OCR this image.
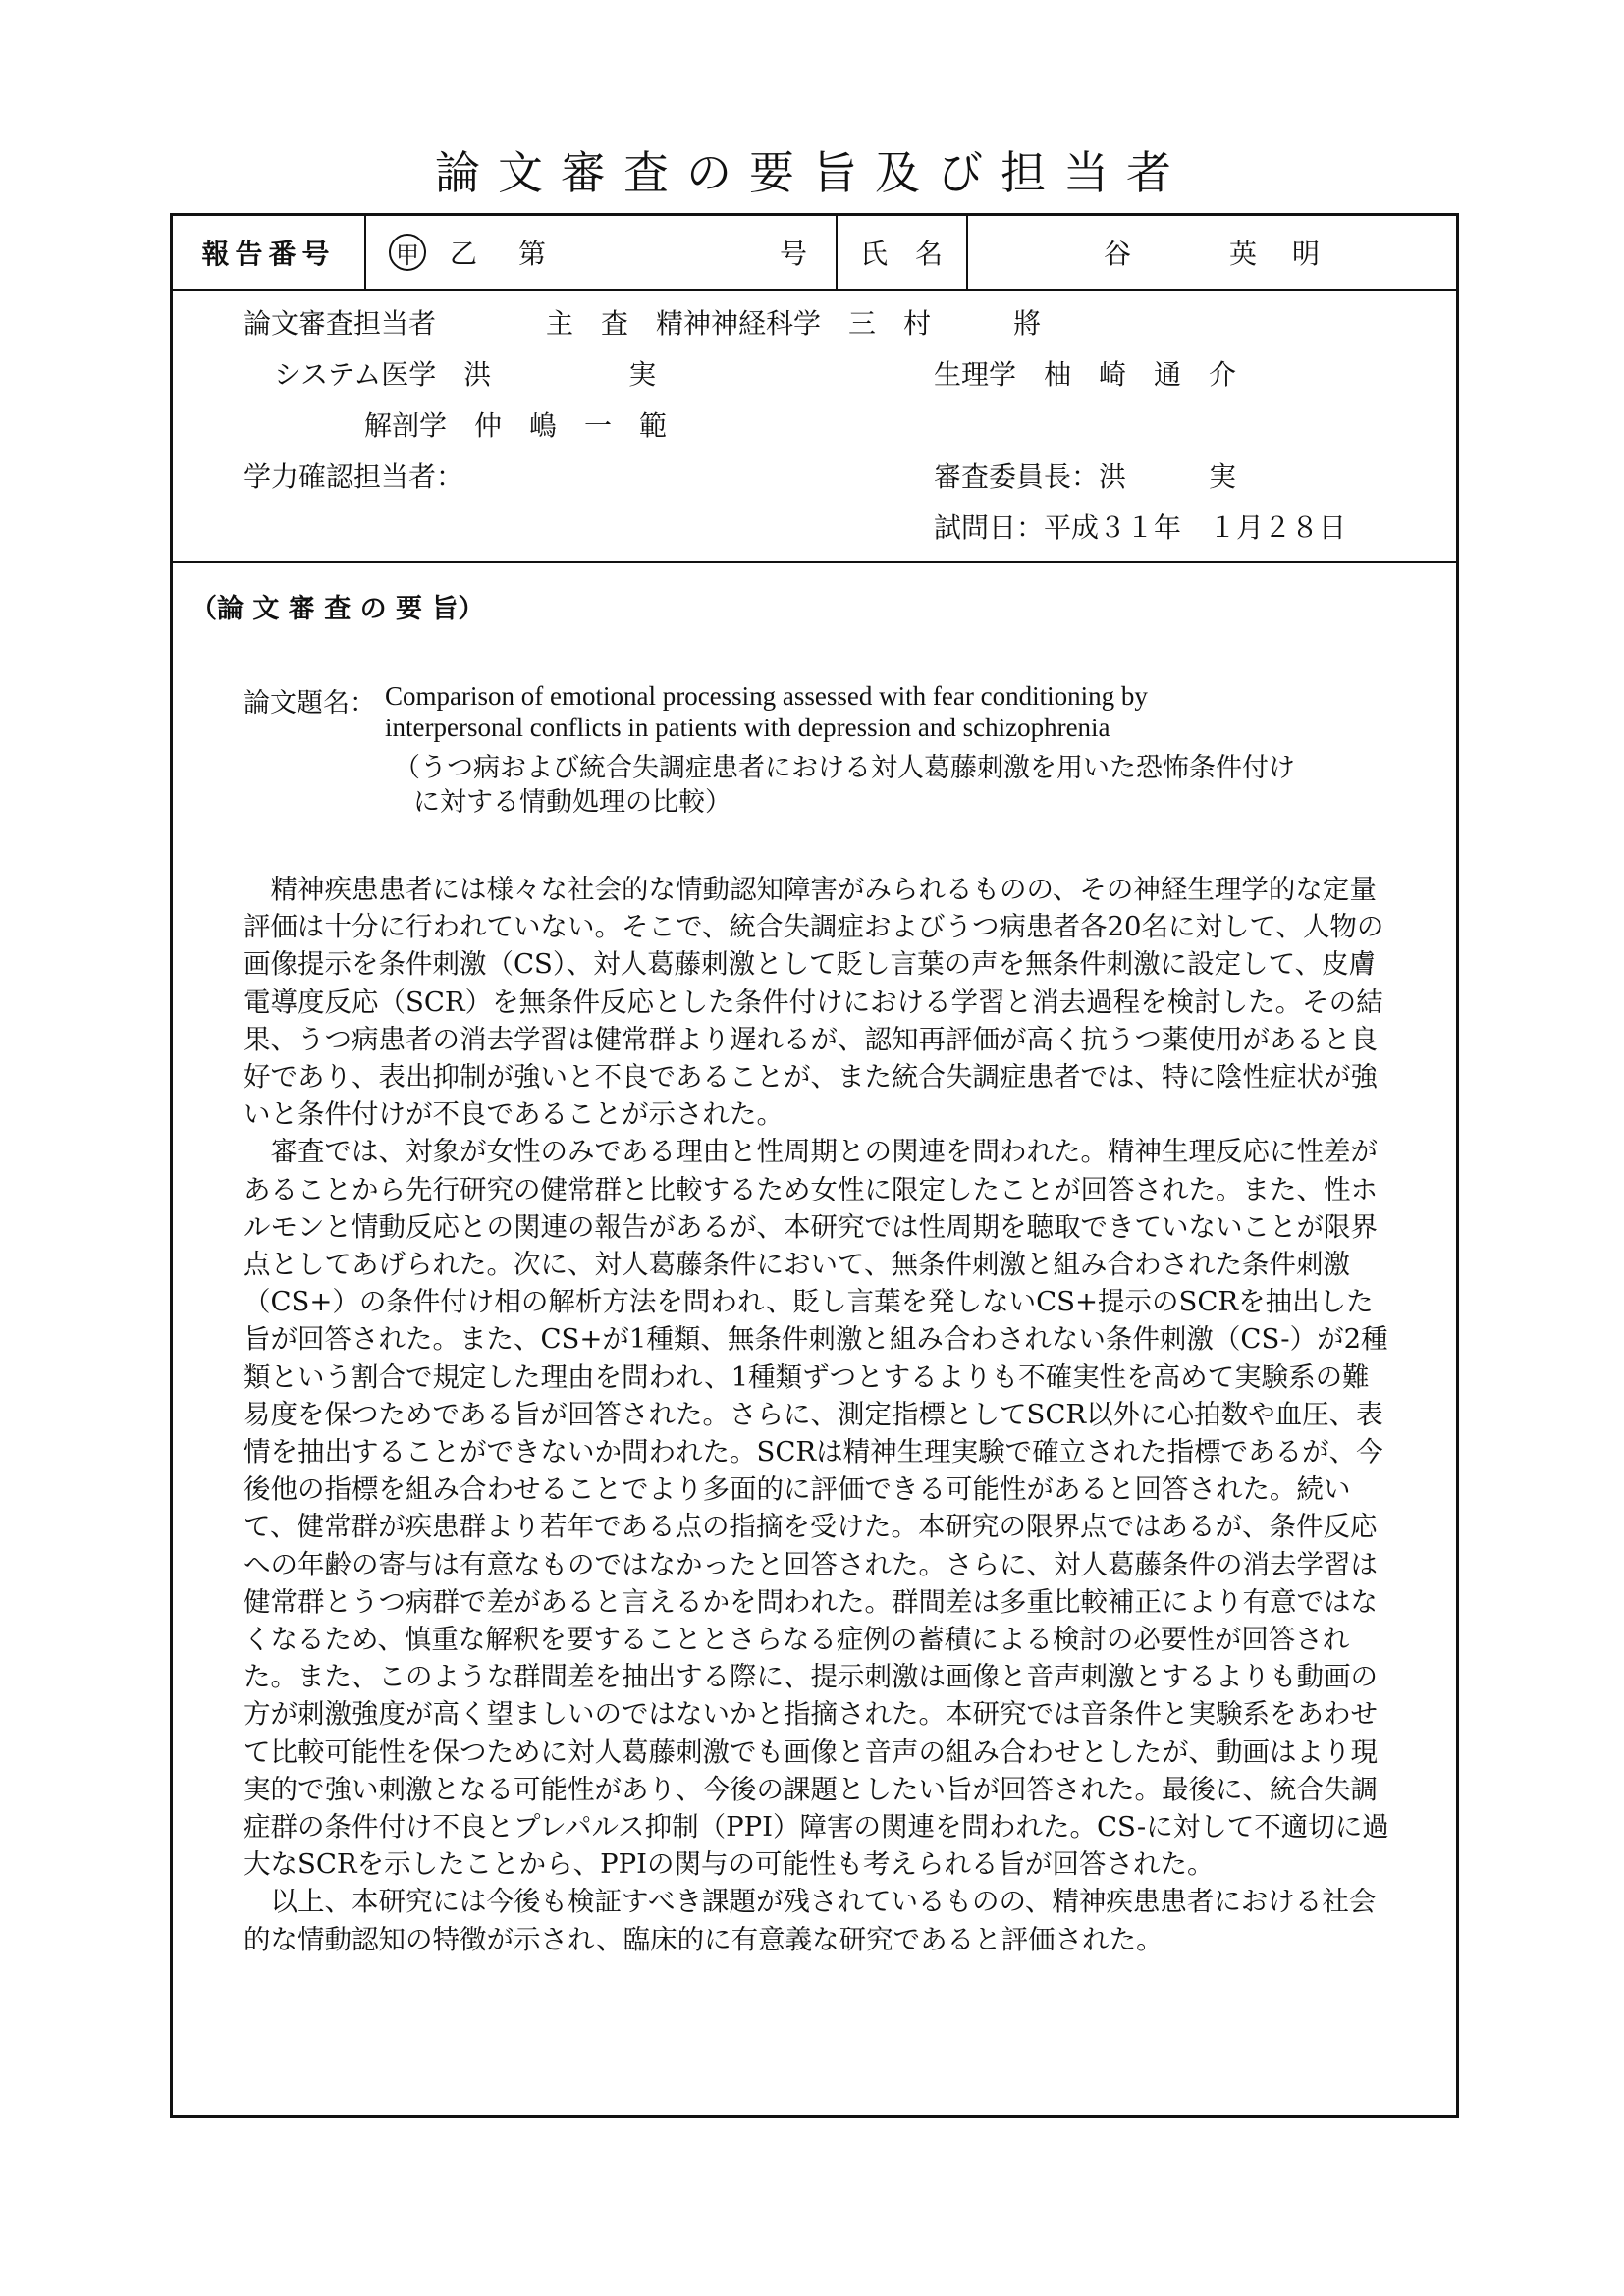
論文審査の要旨及び担当者
報告番号	甲 乙	第	号	氏　名	谷　　　英　明
論文審査担当者	主　査　精神神経科学　三　村　　　將
システム医学　洪　　　　　実	生理学　柚　崎　通　介
解剖学　仲　嶋　一　範
学力確認担当者：	審査委員長：洪　　　実
試問日：平成３１年　１月２８日
（論 文 審 査 の 要 旨）
論文題名： Comparison of emotional processing assessed with fear conditioning by
interpersonal conflicts in patients with depression and schizophrenia
（うつ病および統合失調症患者における対人葛藤刺激を用いた恐怖条件付け
に対する情動処理の比較）

精神疾患患者には様々な社会的な情動認知障害がみられるものの、その神経生理学的な定量評価は十分に行われていない。そこで、統合失調症およびうつ病患者各20名に対して、人物の画像提示を条件刺激（CS）、対人葛藤刺激として貶し言葉の声を無条件刺激に設定して、皮膚電導度反応（SCR）を無条件反応とした条件付けにおける学習と消去過程を検討した。その結果、うつ病患者の消去学習は健常群より遅れるが、認知再評価が高く抗うつ薬使用があると良好であり、表出抑制が強いと不良であることが、また統合失調症患者では、特に陰性症状が強いと条件付けが不良であることが示された。

審査では、対象が女性のみである理由と性周期との関連を問われた。精神生理反応に性差があることから先行研究の健常群と比較するため女性に限定したことが回答された。また、性ホルモンと情動反応との関連の報告があるが、本研究では性周期を聴取できていないことが限界点としてあげられた。次に、対人葛藤条件において、無条件刺激と組み合わされた条件刺激（CS+）の条件付け相の解析方法を問われ、貶し言葉を発しないCS+提示のSCRを抽出した旨が回答された。また、CS+が1種類、無条件刺激と組み合わされない条件刺激（CS-）が2種類という割合で規定した理由を問われ、1種類ずつとするよりも不確実性を高めて実験系の難易度を保つためである旨が回答された。さらに、測定指標としてSCR以外に心拍数や血圧、表情を抽出することができないか問われた。SCRは精神生理実験で確立された指標であるが、今後他の指標を組み合わせることでより多面的に評価できる可能性があると回答された。続いて、健常群が疾患群より若年である点の指摘を受けた。本研究の限界点ではあるが、条件反応への年齢の寄与は有意なものではなかったと回答された。さらに、対人葛藤条件の消去学習は健常群とうつ病群で差があると言えるかを問われた。群間差は多重比較補正により有意ではなくなるため、慎重な解釈を要することとさらなる症例の蓄積による検討の必要性が回答された。また、このような群間差を抽出する際に、提示刺激は画像と音声刺激とするよりも動画の方が刺激強度が高く望ましいのではないかと指摘された。本研究では音条件と実験系をあわせて比較可能性を保つために対人葛藤刺激でも画像と音声の組み合わせとしたが、動画はより現実的で強い刺激となる可能性があり、今後の課題としたい旨が回答された。最後に、統合失調症群の条件付け不良とプレパルス抑制（PPI）障害の関連を問われた。CS-に対して不適切に過大なSCRを示したことから、PPIの関与の可能性も考えられる旨が回答された。

以上、本研究には今後も検証すべき課題が残されているものの、精神疾患患者における社会的な情動認知の特徴が示され、臨床的に有意義な研究であると評価された。
